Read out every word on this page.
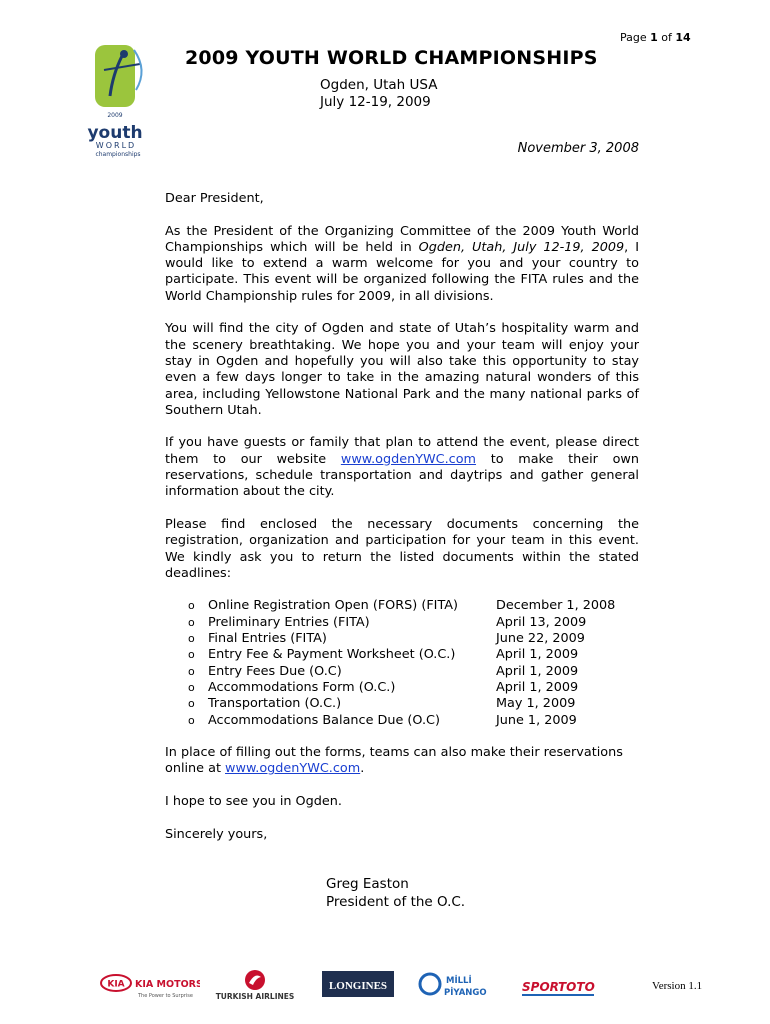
Page 1 of 14
2009
youth
WORLD
championships
2009 YOUTH WORLD CHAMPIONSHIPS
Ogden, Utah USA
July 12-19, 2009
November 3, 2008

Dear President,

As the President of the Organizing Committee of the 2009 Youth World Championships which will be held in Ogden, Utah, July 12-19, 2009, I would like to extend a warm welcome for you and your country to participate. This event will be organized following the FITA rules and the World Championship rules for 2009, in all divisions.

You will find the city of Ogden and state of Utah’s hospitality warm and the scenery breathtaking. We hope you and your team will enjoy your stay in Ogden and hopefully you will also take this opportunity to stay even a few days longer to take in the amazing natural wonders of this area, including Yellowstone National Park and the many national parks of Southern Utah.

If you have guests or family that plan to attend the event, please direct them to our website www.ogdenYWC.com to make their own reservations, schedule transportation and daytrips and gather general information about the city.

Please find enclosed the necessary documents concerning the registration, organization and participation for your team in this event. We kindly ask you to return the listed documents within the stated deadlines:

o	Online Registration Open (FORS) (FITA)	December 1, 2008
o	Preliminary Entries (FITA)	April 13, 2009
o	Final Entries (FITA)	June 22, 2009
o	Entry Fee & Payment Worksheet (O.C.)	April 1, 2009
o	Entry Fees Due (O.C)	April 1, 2009
o	Accommodations Form (O.C.)	April 1, 2009
o	Transportation (O.C.)	May 1, 2009
o	Accommodations Balance Due (O.C)	June 1, 2009

In place of filling out the forms, teams can also make their reservations online at www.ogdenYWC.com.

I hope to see you in Ogden.

Sincerely yours,

Greg Easton
President of the O.C.
KIA KIA MOTORS
The Power to Surprise	TURKISH AIRLINES
LONGINES	MİLLİ
PİYANGO	SPOR TOTO	Version 1.1
